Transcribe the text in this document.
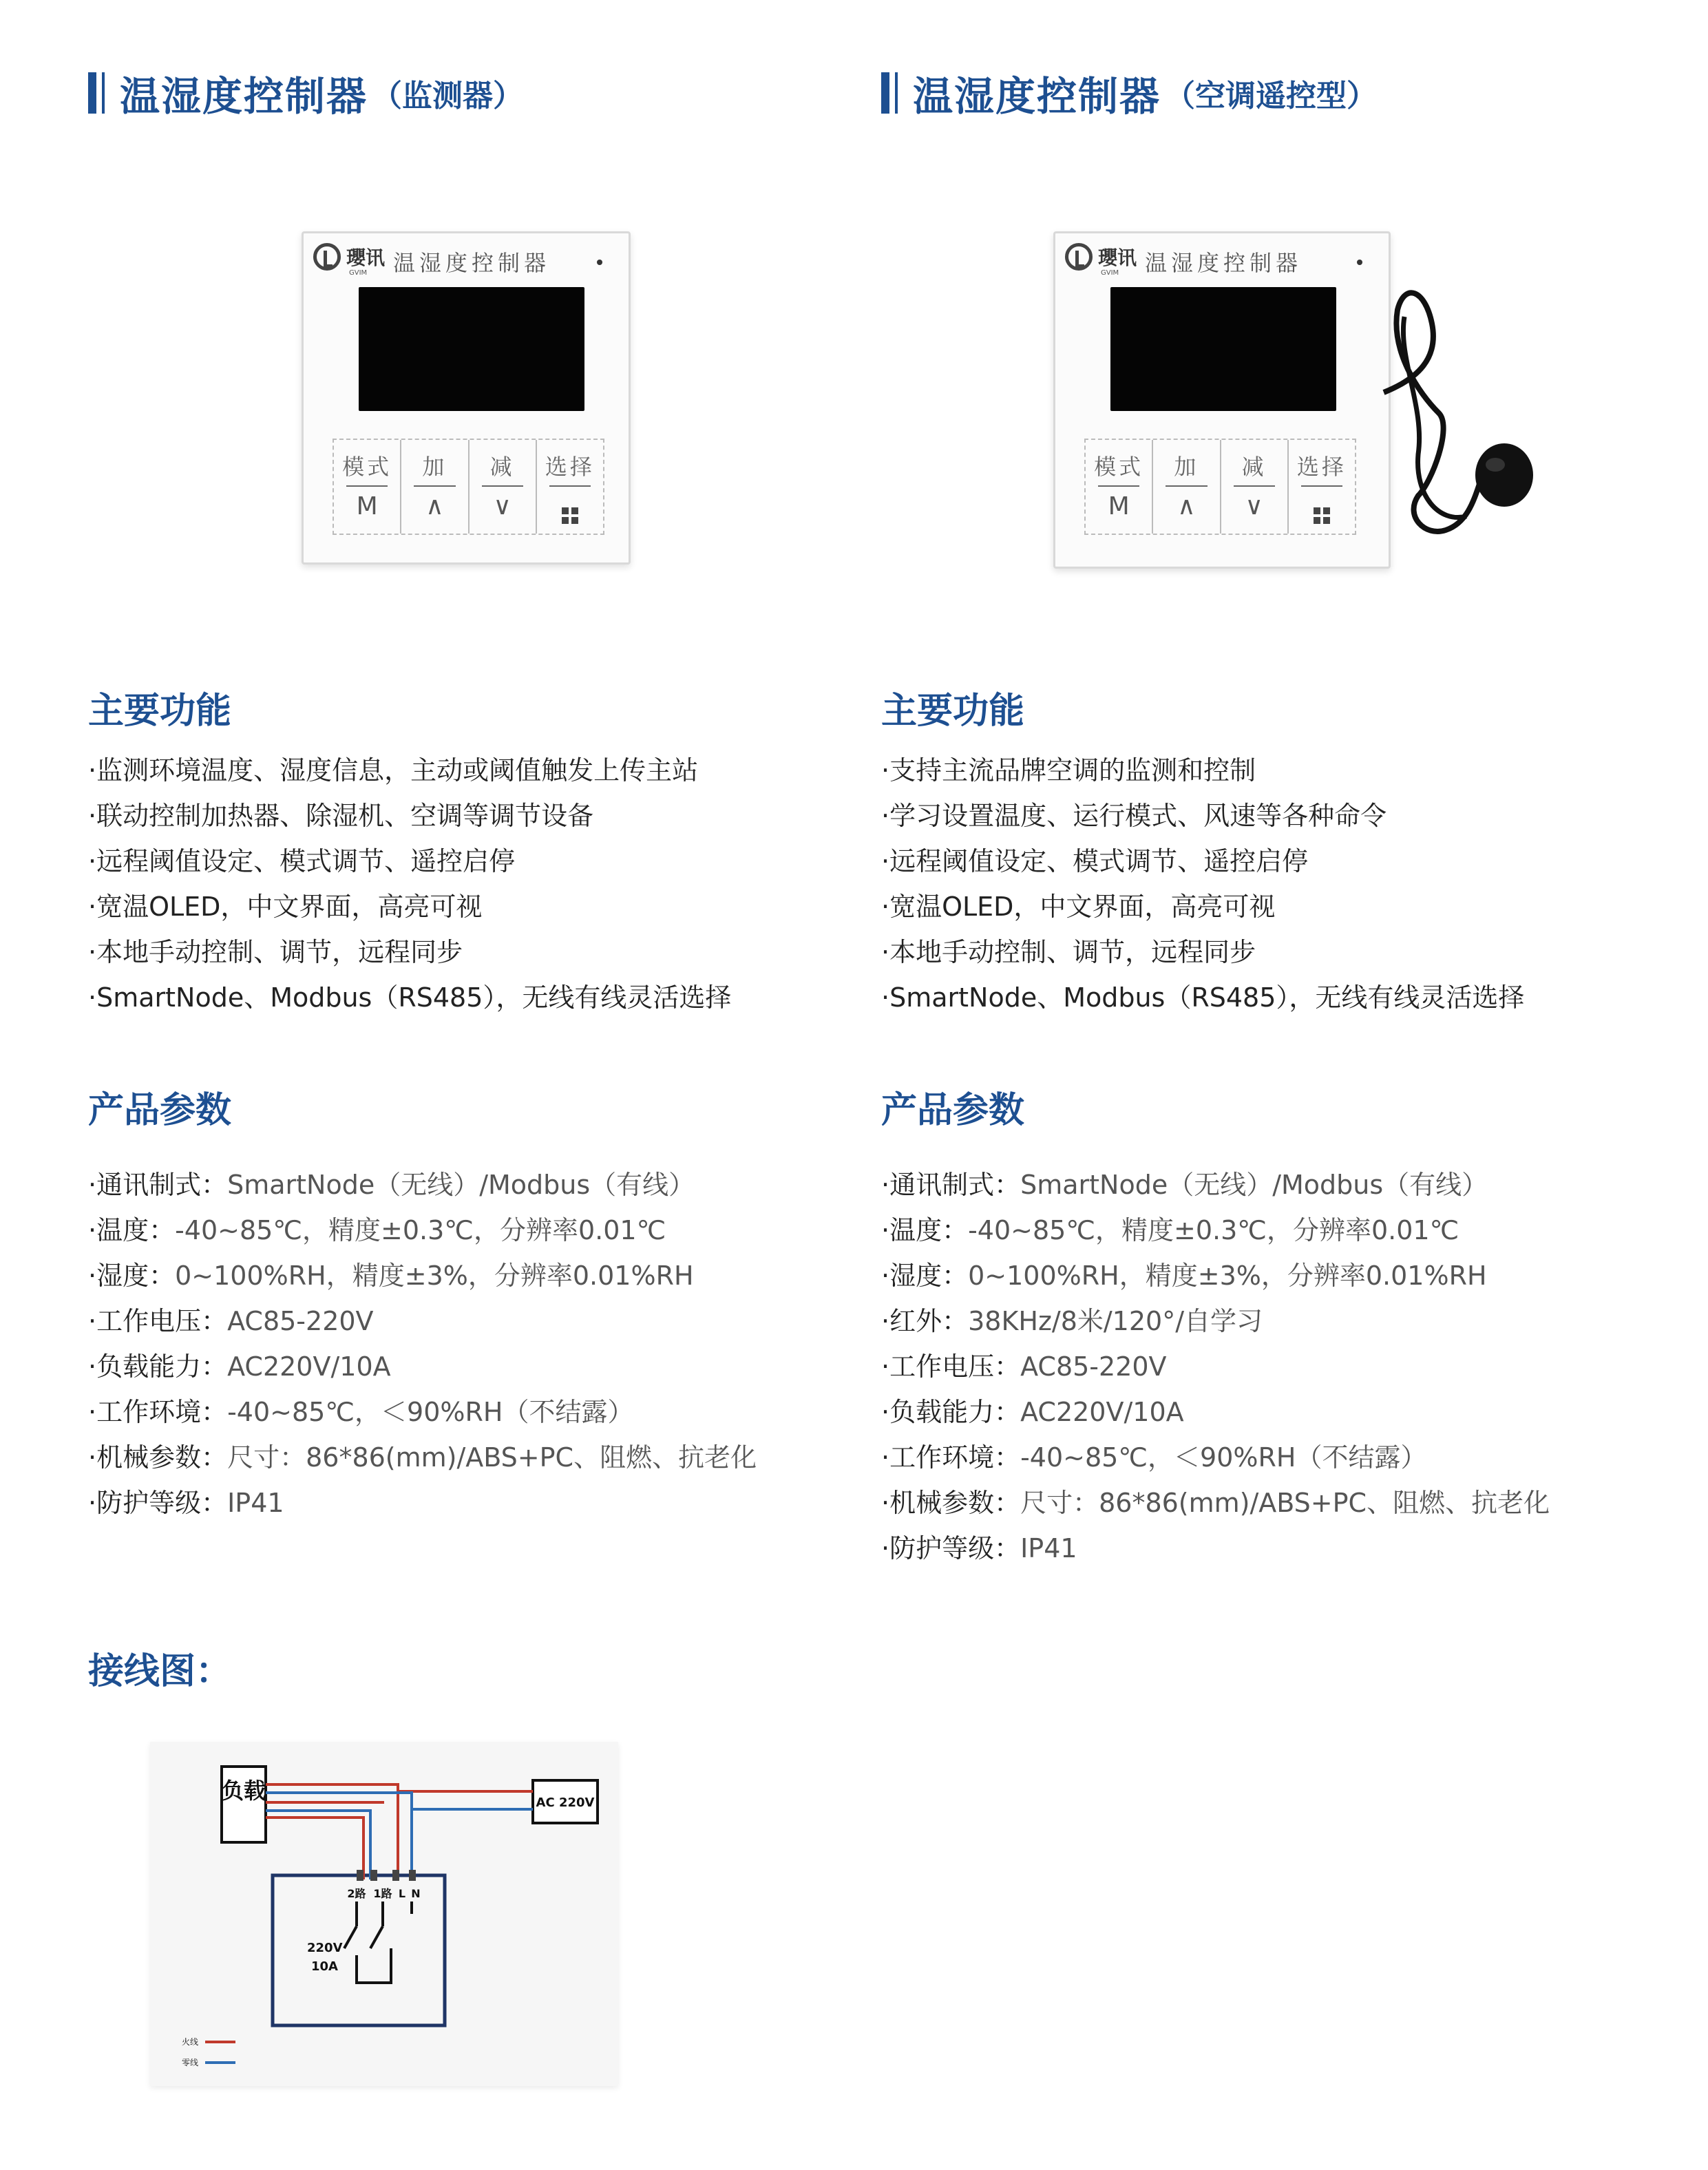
温湿度控制器 （监测器）
瓔讯
GVIM 温湿度控制器
模式
M
加
∧
减
∨
选择
主要功能
·监测环境温度、湿度信息，主动或阈值触发上传主站
·联动控制加热器、除湿机、空调等调节设备
·远程阈值设定、模式调节、遥控启停
·宽温OLED，中文界面，高亮可视
·本地手动控制、调节，远程同步
·SmartNode、Modbus（RS485），无线有线灵活选择
产品参数
·通讯制式：SmartNode（无线）/Modbus（有线）
·温度：-40~85℃，精度±0.3℃，分辨率0.01℃
·湿度：0~100%RH，精度±3%，分辨率0.01%RH
·工作电压：AC85-220V
·负载能力：AC220V/10A
·工作环境：-40~85℃，＜90%RH（不结露）
·机械参数：尺寸：86*86(mm)/ABS+PC、阻燃、抗老化
·防护等级：IP41
温湿度控制器 （空调遥控型）
瓔讯
GVIM 温湿度控制器
模式
M
加
∧
减
∨
选择
主要功能
·支持主流品牌空调的监测和控制
·学习设置温度、运行模式、风速等各种命令
·远程阈值设定、模式调节、遥控启停
·宽温OLED，中文界面，高亮可视
·本地手动控制、调节，远程同步
·SmartNode、Modbus（RS485），无线有线灵活选择
产品参数
·通讯制式：SmartNode（无线）/Modbus（有线）
·温度：-40~85℃，精度±0.3℃，分辨率0.01℃
·湿度：0~100%RH，精度±3%，分辨率0.01%RH
·红外：38KHz/8米/120°/自学习
·工作电压：AC85-220V
·负载能力：AC220V/10A
·工作环境：-40~85℃，＜90%RH（不结露）
·机械参数：尺寸：86*86(mm)/ABS+PC、阻燃、抗老化
·防护等级：IP41
接线图：
负载	AC 220V
2路 1路 L N
220V
10A
火线
零线
